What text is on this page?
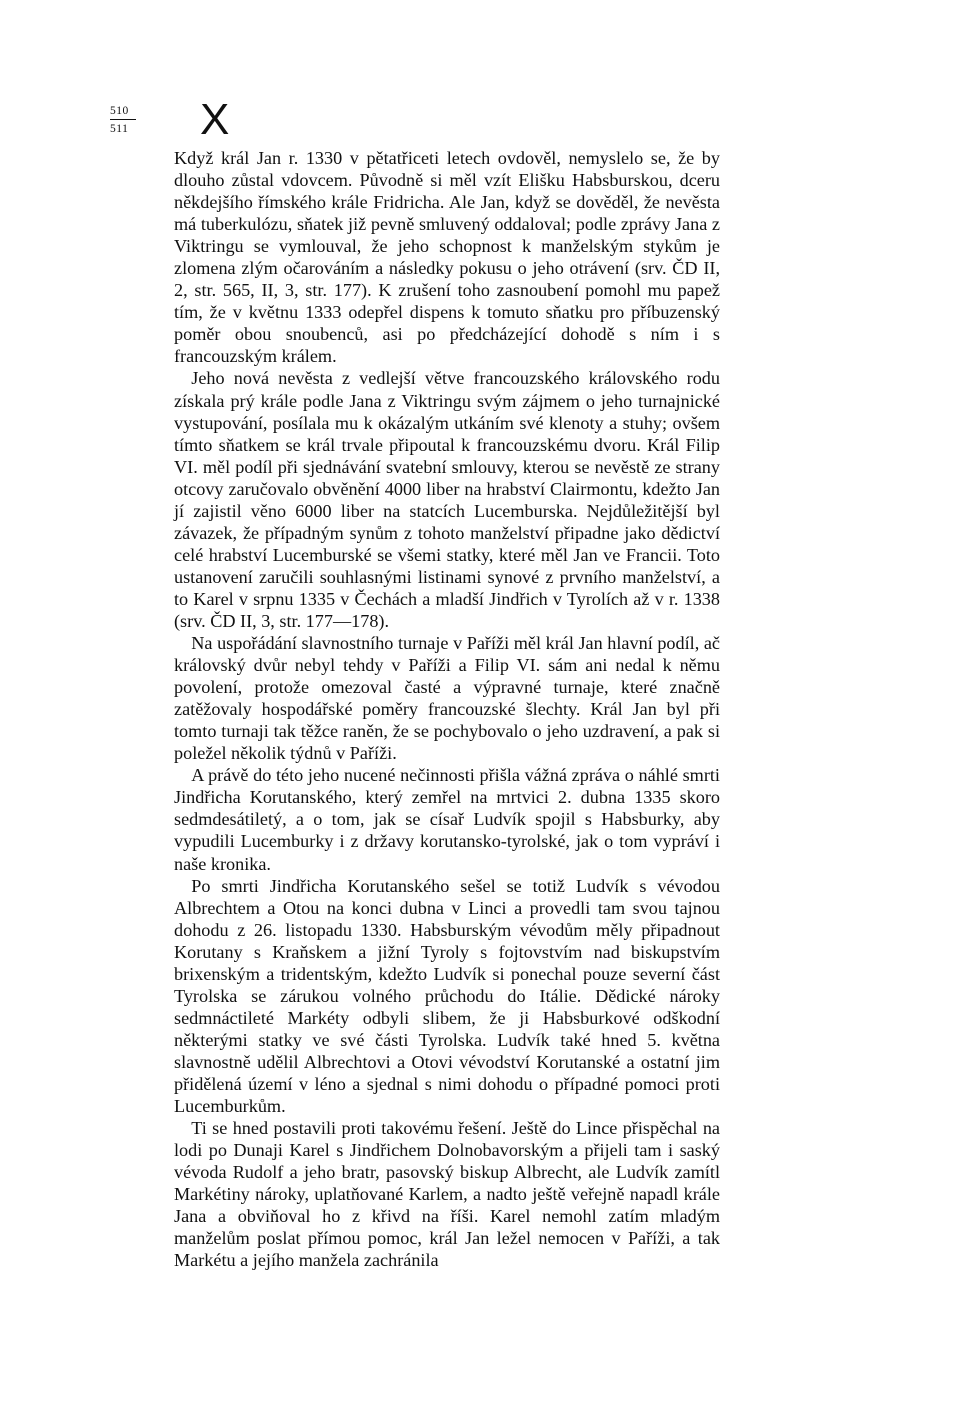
510
511 X

Když král Jan r. 1330 v pětatřiceti letech ovdověl, nemyslelo se, že by dlouho zůstal vdovcem. Původně si měl vzít Elišku Habsburskou, dceru někdejšího římského krále Fridricha. Ale Jan, když se dověděl, že nevěsta má tuberkulózu, sňatek již pevně smluvený oddaloval; podle zprávy Jana z Viktringu se vymlouval, že jeho schopnost k manželským stykům je zlomena zlým očarováním a následky pokusu o jeho otrávení (srv. ČD II, 2, str. 565, II, 3, str. 177). K zrušení toho zasnoubení pomohl mu papež tím, že v květnu 1333 odepřel dispens k tomuto sňatku pro příbuzenský poměr obou snoubenců, asi po předcházející dohodě s ním i s francouzským králem.

Jeho nová nevěsta z vedlejší větve francouzského královského rodu získala prý krále podle Jana z Viktringu svým zájmem o jeho turnajnické vystupování, posílala mu k okázalým utkáním své klenoty a stuhy; ovšem tímto sňatkem se král trvale připoutal k francouzskému dvoru. Král Filip VI. měl podíl při sjednávání svatební smlouvy, kterou se nevěstě ze strany otcovy zaručovalo obvěnění 4000 liber na hrabství Clairmontu, kdežto Jan jí zajistil věno 6000 liber na statcích Lucemburska. Nejdůležitější byl závazek, že případným synům z tohoto manželství připadne jako dědictví celé hrabství Lucemburské se všemi statky, které měl Jan ve Francii. Toto ustanovení zaručili souhlasnými listinami synové z prvního manželství, a to Karel v srpnu 1335 v Čechách a mladší Jindřich v Tyrolích až v r. 1338 (srv. ČD II, 3, str. 177—178).

Na uspořádání slavnostního turnaje v Paříži měl král Jan hlavní podíl, ač královský dvůr nebyl tehdy v Paříži a Filip VI. sám ani nedal k němu povolení, protože omezoval časté a výpravné turnaje, které značně zatěžovaly hospodářské poměry francouzské šlechty. Král Jan byl při tomto turnaji tak těžce raněn, že se pochybovalo o jeho uzdravení, a pak si poležel několik týdnů v Paříži.

A právě do této jeho nucené nečinnosti přišla vážná zpráva o náhlé smrti Jindřicha Korutanského, který zemřel na mrtvici 2. dubna 1335 skoro sedmdesátiletý, a o tom, jak se císař Ludvík spojil s Habsburky, aby vypudili Lucemburky i z državy korutansko-tyrolské, jak o tom vypráví i naše kronika.

Po smrti Jindřicha Korutanského sešel se totiž Ludvík s vévodou Albrechtem a Otou na konci dubna v Linci a provedli tam svou tajnou dohodu z 26. listopadu 1330. Habsburským vévodům měly připadnout Korutany s Kraňskem a jižní Tyroly s fojtovstvím nad biskupstvím brixenským a tridentským, kdežto Ludvík si ponechal pouze severní část Tyrolska se zárukou volného průchodu do Itálie. Dědické nároky sedmnáctileté Markéty odbyli slibem, že ji Habsburkové odškodní některými statky ve své části Tyrolska. Ludvík také hned 5. května slavnostně udělil Albrechtovi a Otovi vévodství Korutanské a ostatní jim přidělená území v léno a sjednal s nimi dohodu o případné pomoci proti Lucemburkům.

Ti se hned postavili proti takovému řešení. Ještě do Lince přispěchal na lodi po Dunaji Karel s Jindřichem Dolnobavorským a přijeli tam i saský vévoda Rudolf a jeho bratr, pasovský biskup Albrecht, ale Ludvík zamítl Markétiny nároky, uplatňované Karlem, a nadto ještě veřejně napadl krále Jana a obviňoval ho z křivd na říši. Karel nemohl zatím mladým manželům poslat přímou pomoc, král Jan ležel nemocen v Paříži, a tak Markétu a jejího manžela zachránila
